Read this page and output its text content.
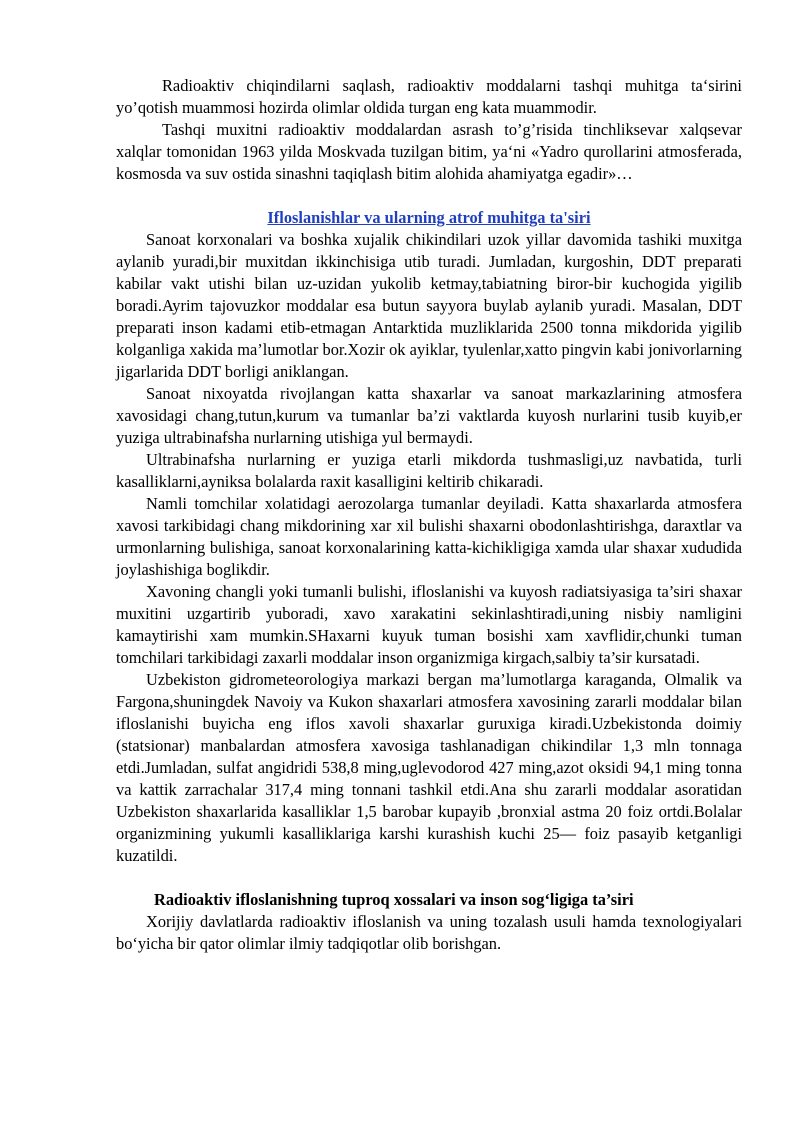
Radioaktiv chiqindilarni saqlash, radioaktiv moddalarni tashqi muhitga ta‘sirini yo’qotish muammosi hozirda olimlar oldida turgan eng kata muammodir.

Tashqi muxitni radioaktiv moddalardan asrash to’g’risida tinchliksevar xalqsevar xalqlar tomonidan 1963 yilda Moskvada tuzilgan bitim, ya‘ni «Yadro qurollarini atmosferada, kosmosda va suv ostida sinashni taqiqlash bitim alohida ahamiyatga egadir»…

Ifloslanishlar va ularning atrof muhitga ta'siri

Sanoat korxonalari va boshka xujalik chikindilari uzok yillar davomida tashiki muxitga aylanib yuradi,bir muxitdan ikkinchisiga utib turadi. Jumladan, kurgoshin, DDT preparati kabilar vakt utishi bilan uz-uzidan yukolib ketmay,tabiatning biror-bir kuchogida yigilib boradi.Ayrim tajovuzkor moddalar esa butun sayyora buylab aylanib yuradi. Masalan, DDT preparati inson kadami etib-etmagan Antarktida muzliklarida 2500 tonna mikdorida yigilib kolganliga xakida ma’lumotlar bor.Xozir ok ayiklar, tyulenlar,xatto pingvin kabi jonivorlarning jigarlarida DDT borligi aniklangan.

Sanoat nixoyatda rivojlangan katta shaxarlar va sanoat markazlarining atmosfera xavosidagi chang,tutun,kurum va tumanlar ba’zi vaktlarda kuyosh nurlarini tusib kuyib,er yuziga ultrabinafsha nurlarning utishiga yul bermaydi.

Ultrabinafsha nurlarning er yuziga etarli mikdorda tushmasligi,uz navbatida, turli kasalliklarni,ayniksa bolalarda raxit kasalligini keltirib chikaradi.

Namli tomchilar xolatidagi aerozolarga tumanlar deyiladi. Katta shaxarlarda atmosfera xavosi tarkibidagi chang mikdorining xar xil bulishi shaxarni obodonlashtirishga, daraxtlar va urmonlarning bulishiga, sanoat korxonalarining katta-kichikligiga xamda ular shaxar xududida joylashishiga boglikdir.

Xavoning changli yoki tumanli bulishi, ifloslanishi va kuyosh radiatsiyasiga ta’siri shaxar muxitini uzgartirib yuboradi, xavo xarakatini sekinlashtiradi,uning nisbiy namligini kamaytirishi xam mumkin.SHaxarni kuyuk tuman bosishi xam xavflidir,chunki tuman tomchilari tarkibidagi zaxarli moddalar inson organizmiga kirgach,salbiy ta’sir kursatadi.

Uzbekiston gidrometeorologiya markazi bergan ma’lumotlarga karaganda, Olmalik va Fargona,shuningdek Navoiy va Kukon shaxarlari atmosfera xavosining zararli moddalar bilan ifloslanishi buyicha eng iflos xavoli shaxarlar guruxiga kiradi.Uzbekistonda doimiy (statsionar) manbalardan atmosfera xavosiga tashlanadigan chikindilar 1,3 mln tonnaga etdi.Jumladan, sulfat angidridi 538,8 ming,uglevodorod 427 ming,azot oksidi 94,1 ming tonna va kattik zarrachalar 317,4 ming tonnani tashkil etdi.Ana shu zararli moddalar asoratidan Uzbekiston shaxarlarida kasalliklar 1,5 barobar kupayib ,bronxial astma 20 foiz ortdi.Bolalar organizmining yukumli kasalliklariga karshi kurashish kuchi 25— foiz pasayib ketganligi kuzatildi.

Radioaktiv ifloslanishning tuproq xossalari va inson sog‘ligiga ta’siri

Xorijiy davlatlarda radioaktiv ifloslanish va uning tozalash usuli hamda texnologiyalari bo‘yicha bir qator olimlar ilmiy tadqiqotlar olib borishgan.
